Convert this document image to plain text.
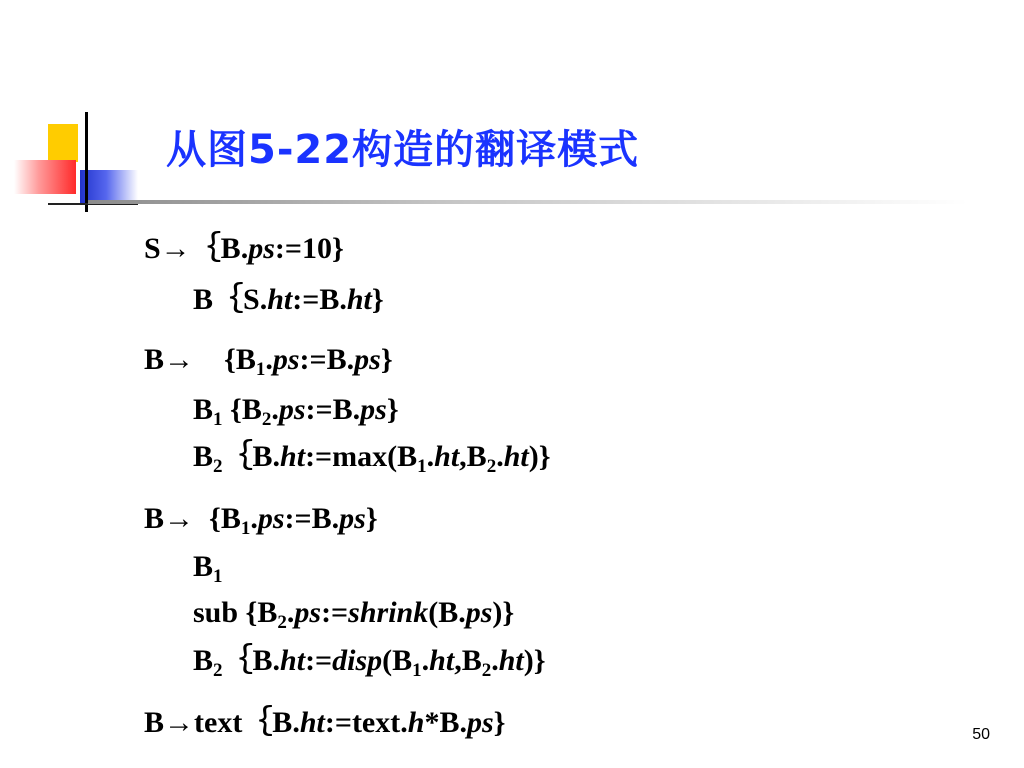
从图5-22构造的翻译模式
S→｛B.ps:=10}
B｛S.ht:=B.ht}
B→    $\{B_1.ps:=B.ps\}$
$B_1$ $\{B_2.ps:=B.ps\}$
$B_2\{B.ht:=\max(B_1.ht,B_2.ht)$}
$B\to \{B_1.ps:=B.ps\}$
$B_1$
sub $\{B_2.ps:=shrink(B.ps)\}$
$B_2\{B.ht:=disp(B_1.ht,B_2.ht)$}
B→text｛B.ht:=text.h*B.ps}	50
